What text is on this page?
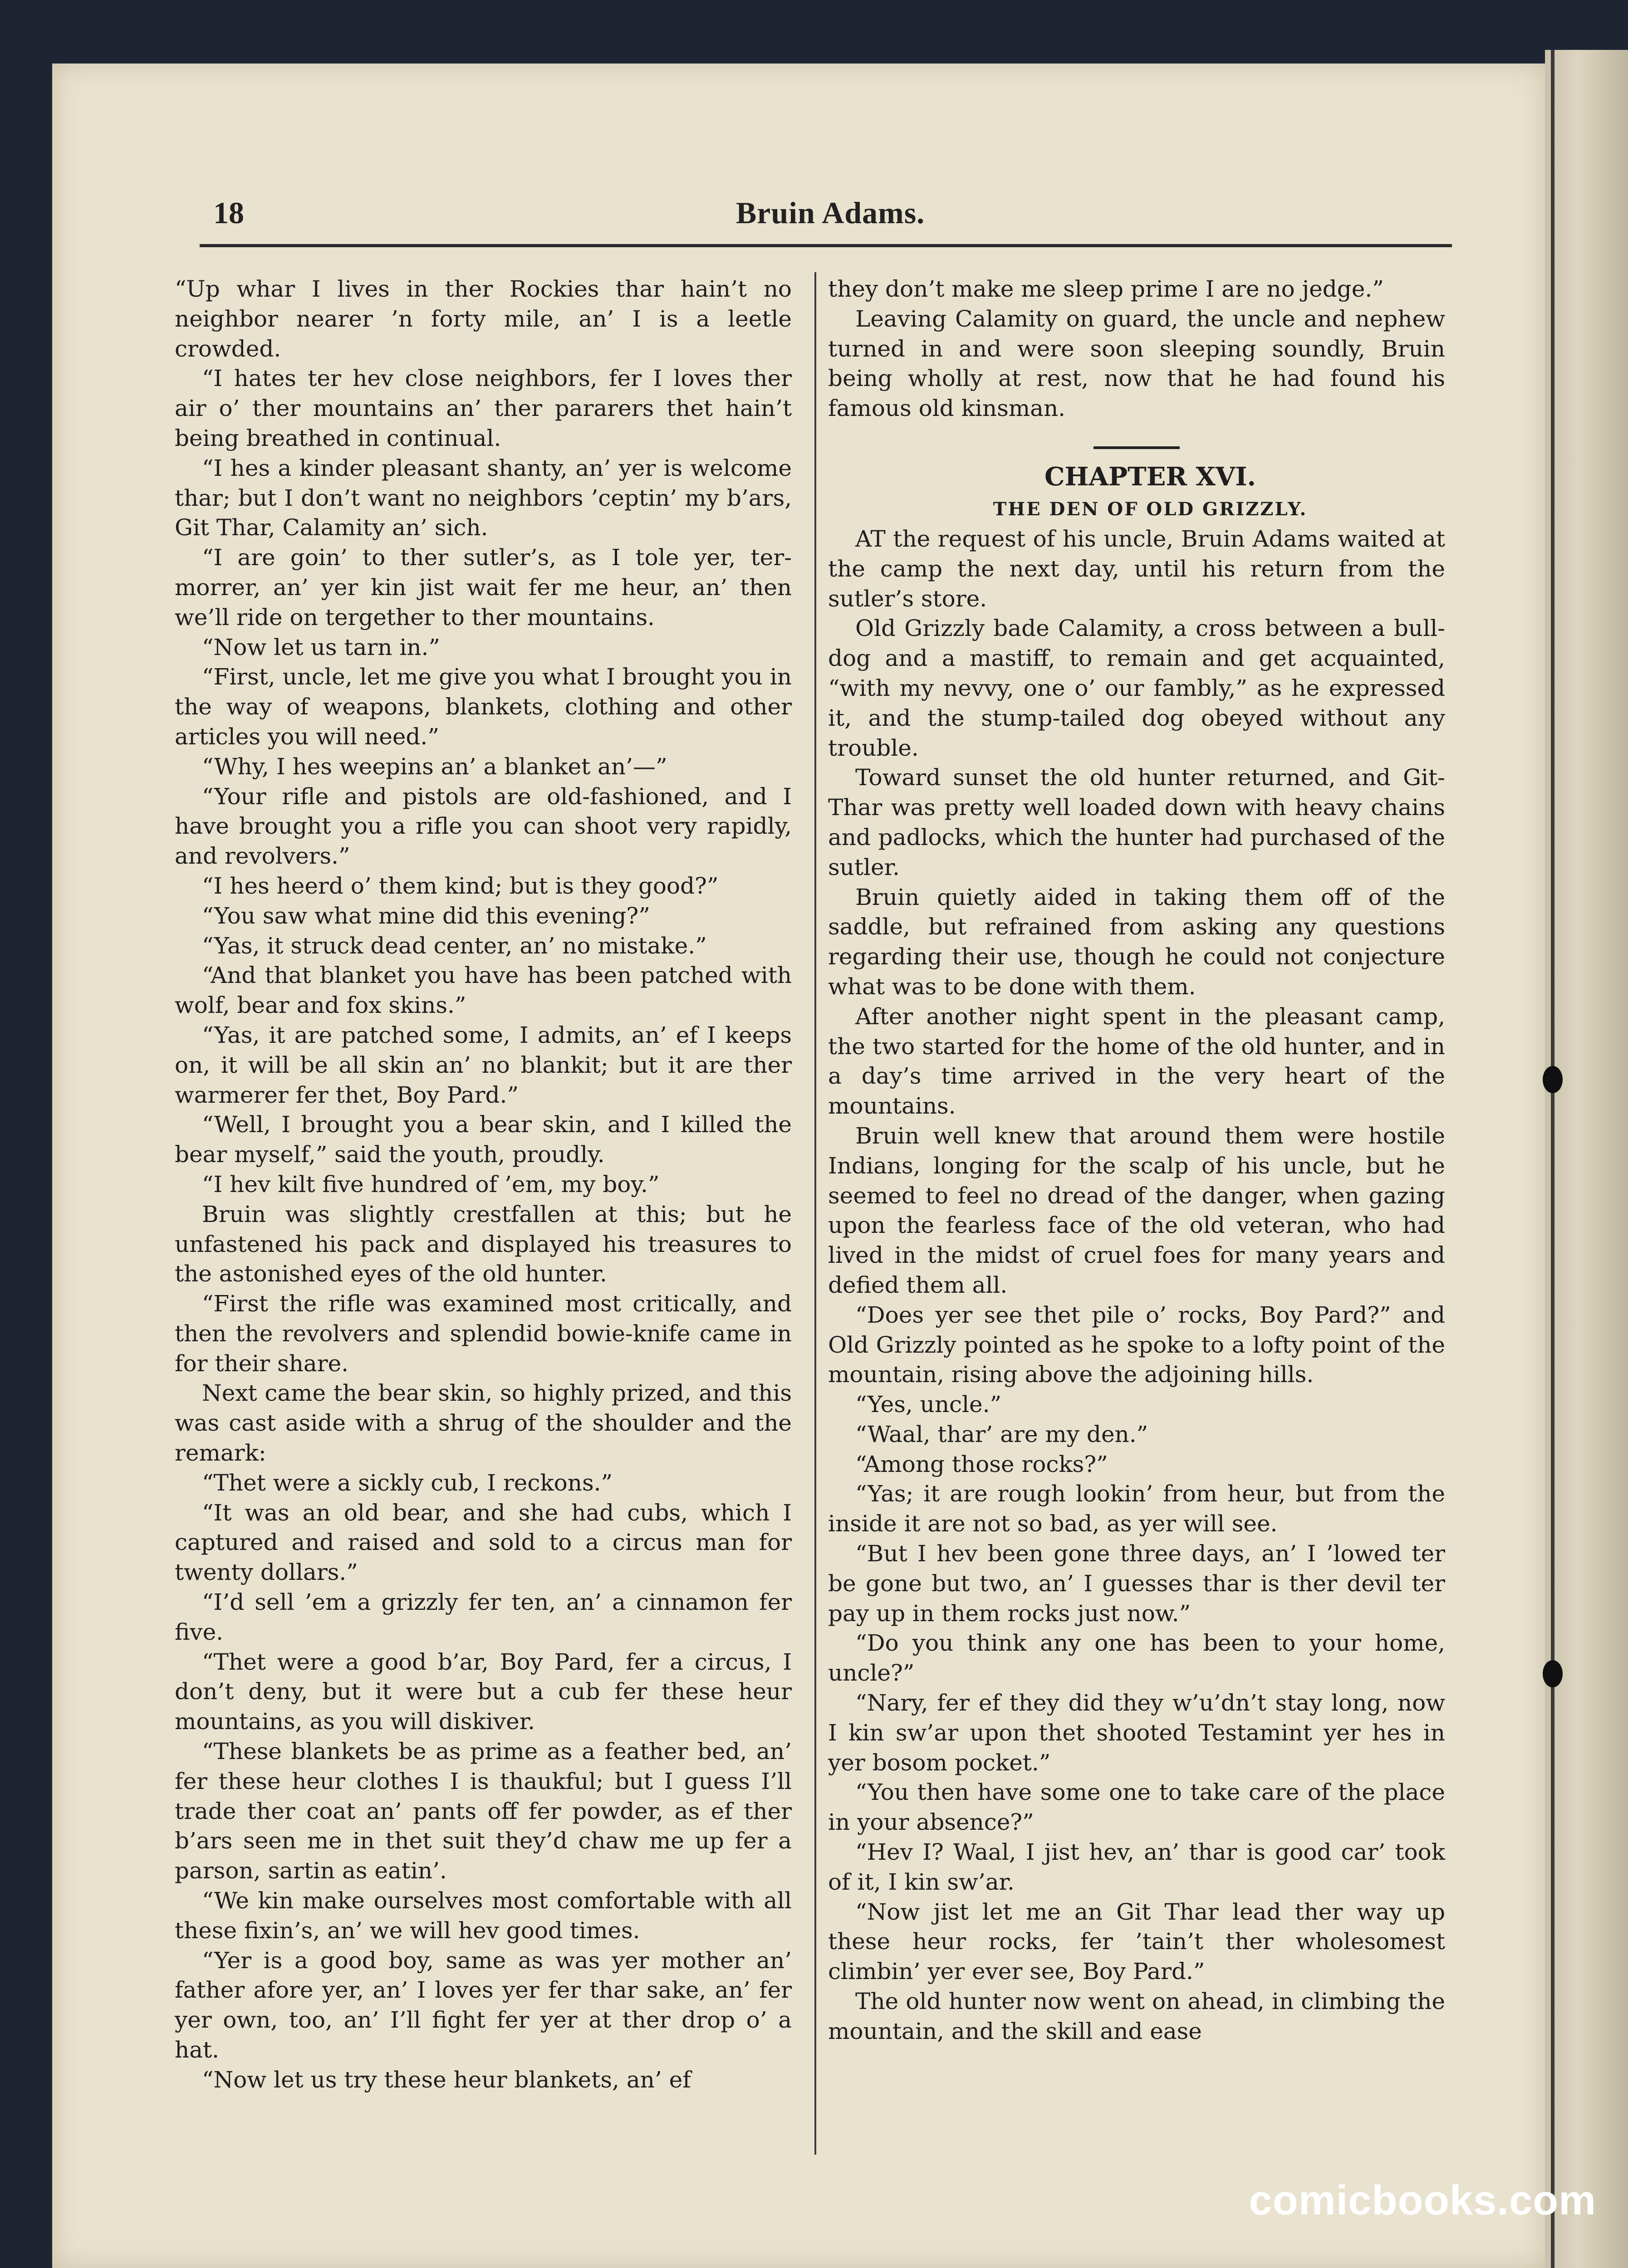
18	Bruin Adams.

“Up whar I lives in ther Rockies thar hain’t no neighbor nearer ’n forty mile, an’ I is a leetle crowded.

“I hates ter hev close neighbors, fer I loves ther air o’ ther mountains an’ ther pararers thet hain’t being breathed in continual.

“I hes a kinder pleasant shanty, an’ yer is welcome thar; but I don’t want no neighbors ’ceptin’ my b’ars, Git Thar, Calamity an’ sich.

“I are goin’ to ther sutler’s, as I tole yer, ter-morrer, an’ yer kin jist wait fer me heur, an’ then we’ll ride on tergether to ther mountains.

“Now let us tarn in.”

“First, uncle, let me give you what I brought you in the way of weapons, blankets, clothing and other articles you will need.”

“Why, I hes weepins an’ a blanket an’—”

“Your rifle and pistols are old-fashioned, and I have brought you a rifle you can shoot very rapidly, and revolvers.”

“I hes heerd o’ them kind; but is they good?”

“You saw what mine did this evening?”

“Yas, it struck dead center, an’ no mistake.”

“And that blanket you have has been patched with wolf, bear and fox skins.”

“Yas, it are patched some, I admits, an’ ef I keeps on, it will be all skin an’ no blankit; but it are ther warmerer fer thet, Boy Pard.”

“Well, I brought you a bear skin, and I killed the bear myself,” said the youth, proudly.

“I hev kilt five hundred of ’em, my boy.”

Bruin was slightly crestfallen at this; but he unfastened his pack and displayed his treasures to the astonished eyes of the old hunter.

“First the rifle was examined most critically, and then the revolvers and splendid bowie-knife came in for their share.

Next came the bear skin, so highly prized, and this was cast aside with a shrug of the shoulder and the remark:

“Thet were a sickly cub, I reckons.”

“It was an old bear, and she had cubs, which I captured and raised and sold to a circus man for twenty dollars.”

“I’d sell ’em a grizzly fer ten, an’ a cinnamon fer five.

“Thet were a good b’ar, Boy Pard, fer a circus, I don’t deny, but it were but a cub fer these heur mountains, as you will diskiver.

“These blankets be as prime as a feather bed, an’ fer these heur clothes I is thaukful; but I guess I’ll trade ther coat an’ pants off fer powder, as ef ther b’ars seen me in thet suit they’d chaw me up fer a parson, sartin as eatin’.

“We kin make ourselves most comfortable with all these fixin’s, an’ we will hev good times.

“Yer is a good boy, same as was yer mother an’ father afore yer, an’ I loves yer fer thar sake, an’ fer yer own, too, an’ I’ll fight fer yer at ther drop o’ a hat.

“Now let us try these heur blankets, an’ ef

they don’t make me sleep prime I are no jedge.”

Leaving Calamity on guard, the uncle and nephew turned in and were soon sleeping soundly, Bruin being wholly at rest, now that he had found his famous old kinsman.

CHAPTER XVI.

THE DEN OF OLD GRIZZLY.

AT the request of his uncle, Bruin Adams waited at the camp the next day, until his return from the sutler’s store.

Old Grizzly bade Calamity, a cross between a bull-dog and a mastiff, to remain and get acquainted, “with my nevvy, one o’ our fambly,” as he expressed it, and the stump-tailed dog obeyed without any trouble.

Toward sunset the old hunter returned, and Git-Thar was pretty well loaded down with heavy chains and padlocks, which the hunter had purchased of the sutler.

Bruin quietly aided in taking them off of the saddle, but refrained from asking any questions regarding their use, though he could not conjecture what was to be done with them.

After another night spent in the pleasant camp, the two started for the home of the old hunter, and in a day’s time arrived in the very heart of the mountains.

Bruin well knew that around them were hostile Indians, longing for the scalp of his uncle, but he seemed to feel no dread of the danger, when gazing upon the fearless face of the old veteran, who had lived in the midst of cruel foes for many years and defied them all.

“Does yer see thet pile o’ rocks, Boy Pard?” and Old Grizzly pointed as he spoke to a lofty point of the mountain, rising above the adjoining hills.

“Yes, uncle.”

“Waal, thar’ are my den.”

“Among those rocks?”

“Yas; it are rough lookin’ from heur, but from the inside it are not so bad, as yer will see.

“But I hev been gone three days, an’ I ’lowed ter be gone but two, an’ I guesses thar is ther devil ter pay up in them rocks just now.”

“Do you think any one has been to your home, uncle?”

“Nary, fer ef they did they w’u’dn’t stay long, now I kin sw’ar upon thet shooted Testamint yer hes in yer bosom pocket.”

“You then have some one to take care of the place in your absence?”

“Hev I? Waal, I jist hev, an’ thar is good car’ took of it, I kin sw’ar.

“Now jist let me an Git Thar lead ther way up these heur rocks, fer ’tain’t ther wholesomest climbin’ yer ever see, Boy Pard.”

The old hunter now went on ahead, in climbing the mountain, and the skill and ease

comicbooks.com
